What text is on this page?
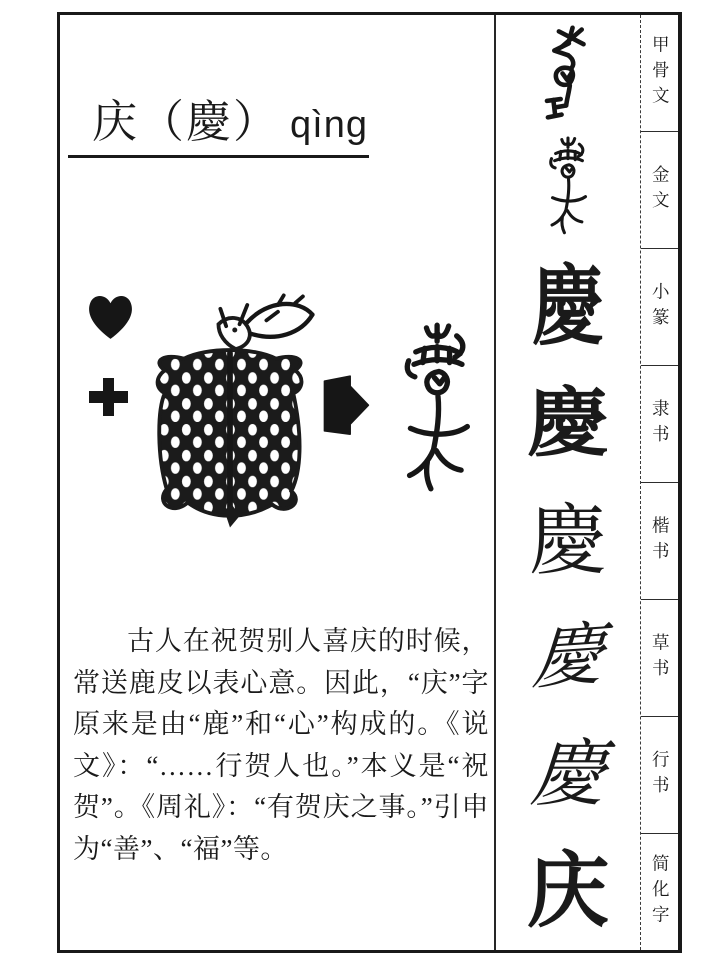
庆（慶） qìng

古人在祝贺别人喜庆的时候，常送鹿皮以表心意。因此，“庆”字原来是由“鹿”和“心”构成的。《说文》：“……行贺人也。”本义是“祝贺”。《周礼》：“有贺庆之事。”引申为“善”、“福”等。

慶
慶
慶
慶
慶
庆
甲骨文
金文
小篆
隶书
楷书
草书
行书
简化字
